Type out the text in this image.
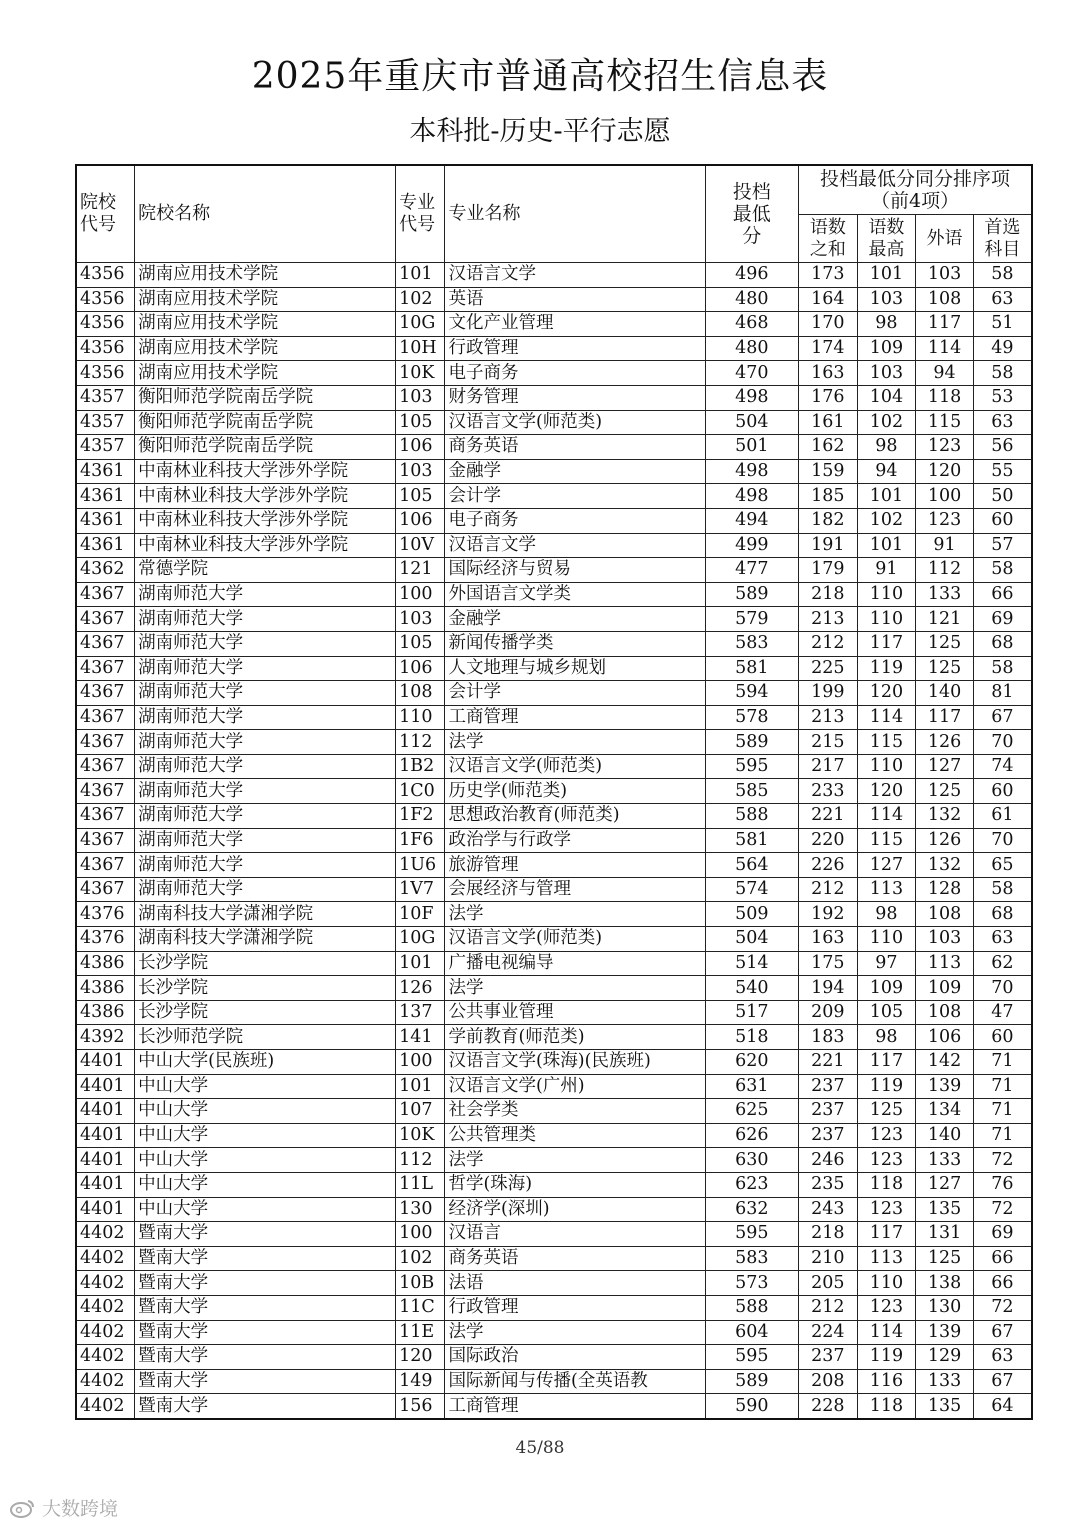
2025年重庆市普通高校招生信息表
本科批-历史-平行志愿
院校代号	院校名称	专业代号	专业名称	投档最低分	投档最低分同分排序项（前4项）			
					语数之和	语数最高	外语	首选科目
4356	湖南应用技术学院	101	汉语言文学	496	173	101	103	58
4356	湖南应用技术学院	102	英语	480	164	103	108	63
4356	湖南应用技术学院	10G	文化产业管理	468	170	98	117	51
4356	湖南应用技术学院	10H	行政管理	480	174	109	114	49
4356	湖南应用技术学院	10K	电子商务	470	163	103	94	58
4357	衡阳师范学院南岳学院	103	财务管理	498	176	104	118	53
4357	衡阳师范学院南岳学院	105	汉语言文学(师范类)	504	161	102	115	63
4357	衡阳师范学院南岳学院	106	商务英语	501	162	98	123	56
4361	中南林业科技大学涉外学院	103	金融学	498	159	94	120	55
4361	中南林业科技大学涉外学院	105	会计学	498	185	101	100	50
4361	中南林业科技大学涉外学院	106	电子商务	494	182	102	123	60
4361	中南林业科技大学涉外学院	10V	汉语言文学	499	191	101	91	57
4362	常德学院	121	国际经济与贸易	477	179	91	112	58
4367	湖南师范大学	100	外国语言文学类	589	218	110	133	66
4367	湖南师范大学	103	金融学	579	213	110	121	69
4367	湖南师范大学	105	新闻传播学类	583	212	117	125	68
4367	湖南师范大学	106	人文地理与城乡规划	581	225	119	125	58
4367	湖南师范大学	108	会计学	594	199	120	140	81
4367	湖南师范大学	110	工商管理	578	213	114	117	67
4367	湖南师范大学	112	法学	589	215	115	126	70
4367	湖南师范大学	1B2	汉语言文学(师范类)	595	217	110	127	74
4367	湖南师范大学	1C0	历史学(师范类)	585	233	120	125	60
4367	湖南师范大学	1F2	思想政治教育(师范类)	588	221	114	132	61
4367	湖南师范大学	1F6	政治学与行政学	581	220	115	126	70
4367	湖南师范大学	1U6	旅游管理	564	226	127	132	65
4367	湖南师范大学	1V7	会展经济与管理	574	212	113	128	58
4376	湖南科技大学潇湘学院	10F	法学	509	192	98	108	68
4376	湖南科技大学潇湘学院	10G	汉语言文学(师范类)	504	163	110	103	63
4386	长沙学院	101	广播电视编导	514	175	97	113	62
4386	长沙学院	126	法学	540	194	109	109	70
4386	长沙学院	137	公共事业管理	517	209	105	108	47
4392	长沙师范学院	141	学前教育(师范类)	518	183	98	106	60
4401	中山大学(民族班)	100	汉语言文学(珠海)(民族班)	620	221	117	142	71
4401	中山大学	101	汉语言文学(广州)	631	237	119	139	71
4401	中山大学	107	社会学类	625	237	125	134	71
4401	中山大学	10K	公共管理类	626	237	123	140	71
4401	中山大学	112	法学	630	246	123	133	72
4401	中山大学	11L	哲学(珠海)	623	235	118	127	76
4401	中山大学	130	经济学(深圳)	632	243	123	135	72
4402	暨南大学	100	汉语言	595	218	117	131	69
4402	暨南大学	102	商务英语	583	210	113	125	66
4402	暨南大学	10B	法语	573	205	110	138	66
4402	暨南大学	11C	行政管理	588	212	123	130	72
4402	暨南大学	11E	法学	604	224	114	139	67
4402	暨南大学	120	国际政治	595	237	119	129	63
4402	暨南大学	149	国际新闻与传播(全英语教	589	208	116	133	67
4402	暨南大学	156	工商管理	590	228	118	135	64
45/88
大数跨境
